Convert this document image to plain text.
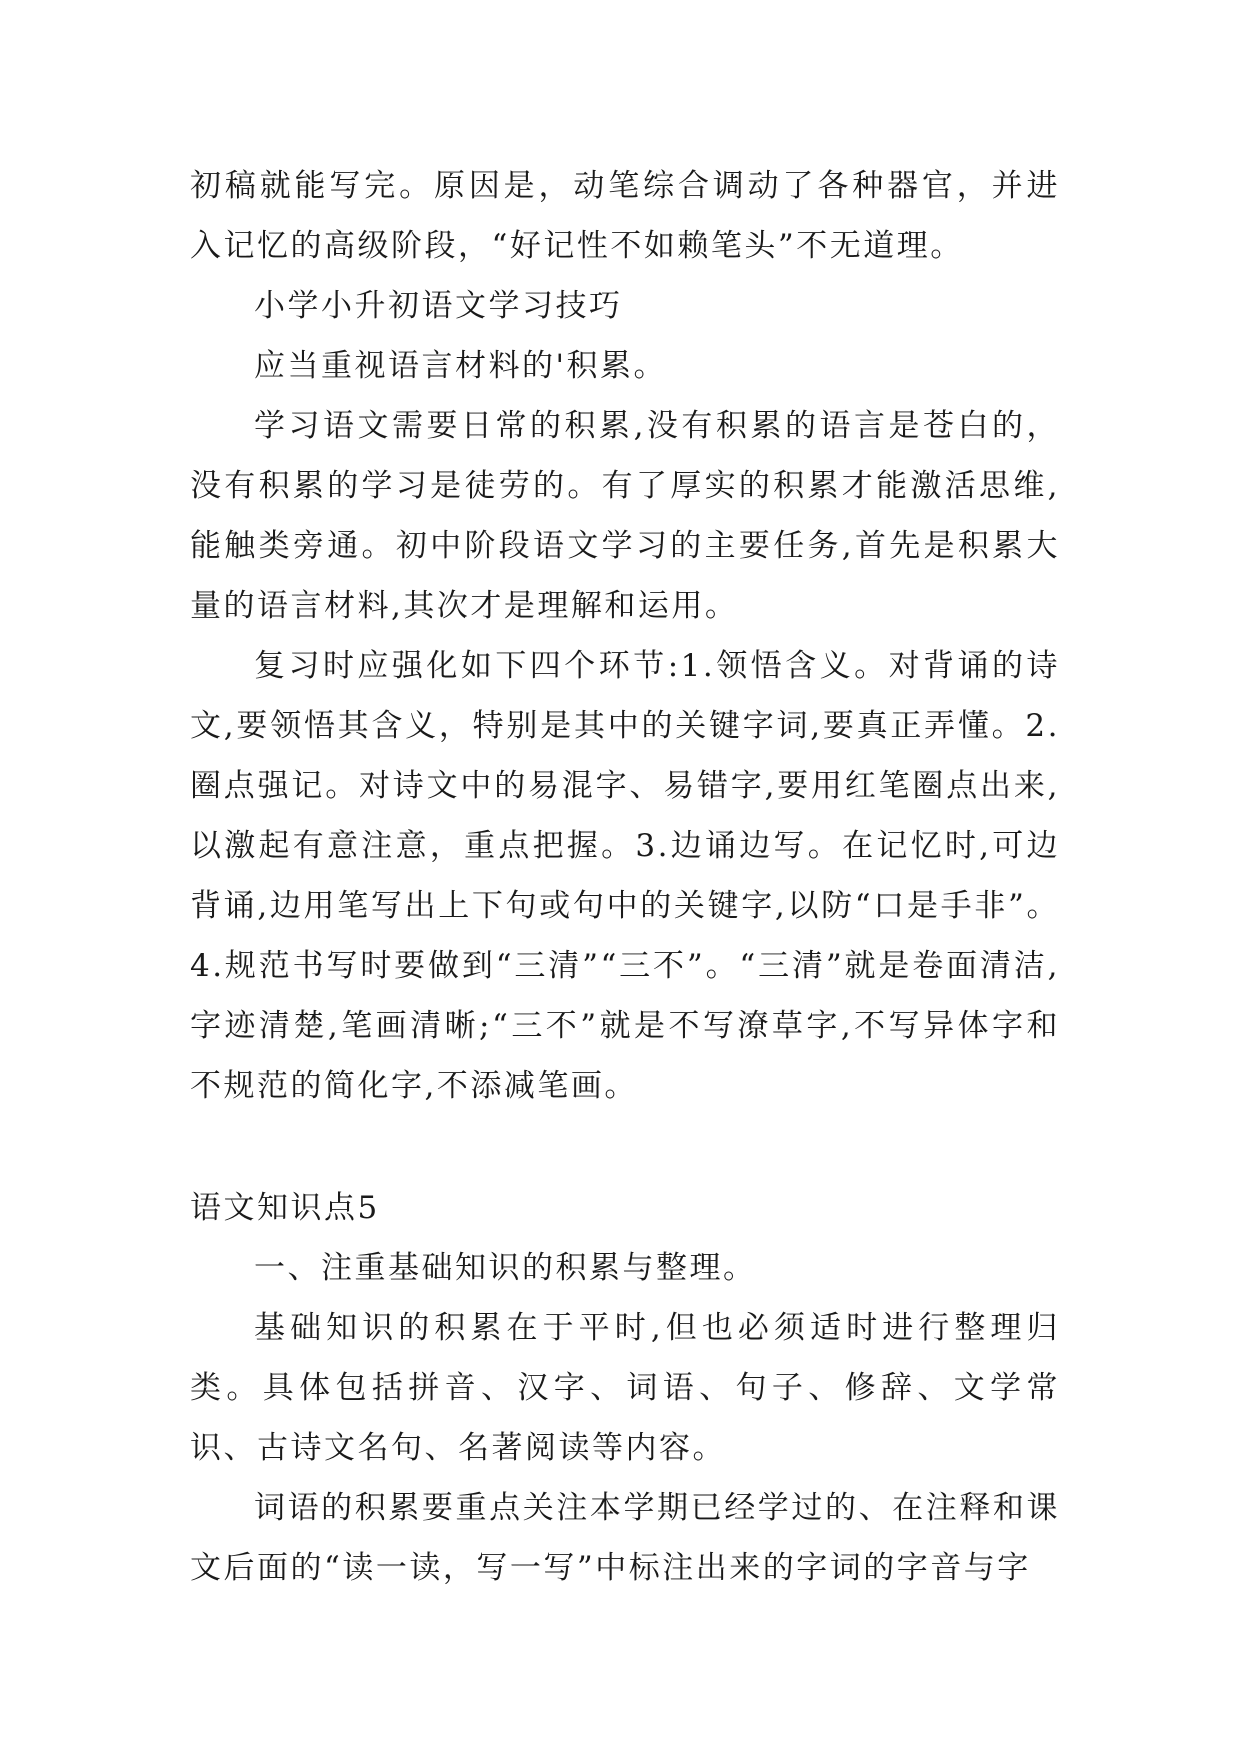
初稿就能写完。原因是，动笔综合调动了各种器官，并进入记忆的高级阶段，“好记性不如赖笔头”不无道理。

小学小升初语文学习技巧

应当重视语言材料的'积累。

学习语文需要日常的积累,没有积累的语言是苍白的，没有积累的学习是徒劳的。有了厚实的积累才能激活思维,能触类旁通。初中阶段语文学习的主要任务,首先是积累大量的语言材料,其次才是理解和运用。

复习时应强化如下四个环节:1.领悟含义。对背诵的诗文,要领悟其含义，特别是其中的关键字词,要真正弄懂。2.圈点强记。对诗文中的易混字、易错字,要用红笔圈点出来,以激起有意注意，重点把握。3.边诵边写。在记忆时,可边背诵,边用笔写出上下句或句中的关键字,以防“口是手非”。4.规范书写时要做到“三清”“三不”。“三清”就是卷面清洁,字迹清楚,笔画清晰;“三不”就是不写潦草字,不写异体字和不规范的简化字,不添减笔画。

语文知识点5

一、注重基础知识的积累与整理。

基础知识的积累在于平时,但也必须适时进行整理归类。具体包括拼音、汉字、词语、句子、修辞、文学常识、古诗文名句、名著阅读等内容。

词语的积累要重点关注本学期已经学过的、在注释和课文后面的“读一读，写一写”中标注出来的字词的字音与字
